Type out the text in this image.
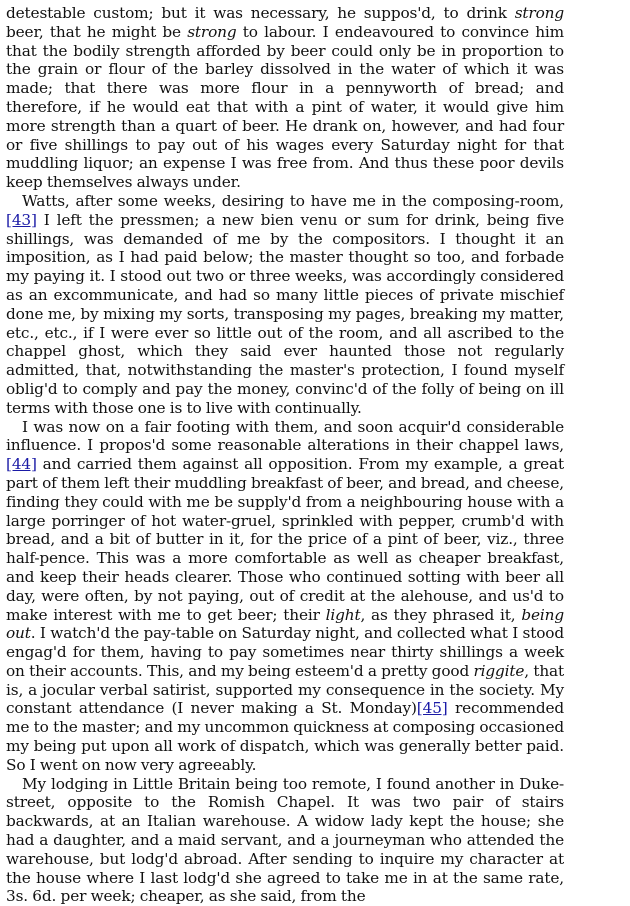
detestable custom; but it was necessary, he suppos'd, to drink strong beer, that he might be strong to labour. I endeavoured to convince him that the bodily strength afforded by beer could only be in proportion to the grain or flour of the barley dissolved in the water of which it was made; that there was more flour in a pennyworth of bread; and therefore, if he would eat that with a pint of water, it would give him more strength than a quart of beer. He drank on, however, and had four or five shillings to pay out of his wages every Saturday night for that muddling liquor; an expense I was free from. And thus these poor devils keep themselves always under.

Watts, after some weeks, desiring to have me in the composing-room,[43] I left the pressmen; a new bien venu or sum for drink, being five shillings, was demanded of me by the compositors. I thought it an imposition, as I had paid below; the master thought so too, and forbade my paying it. I stood out two or three weeks, was accordingly considered as an excommunicate, and had so many little pieces of private mischief done me, by mixing my sorts, transposing my pages, breaking my matter, etc., etc., if I were ever so little out of the room, and all ascribed to the chappel ghost, which they said ever haunted those not regularly admitted, that, notwithstanding the master's protection, I found myself oblig'd to comply and pay the money, convinc'd of the folly of being on ill terms with those one is to live with continually.

I was now on a fair footing with them, and soon acquir'd considerable influence. I propos'd some reasonable alterations in their chappel laws,[44] and carried them against all opposition. From my example, a great part of them left their muddling breakfast of beer, and bread, and cheese, finding they could with me be supply'd from a neighbouring house with a large porringer of hot water-gruel, sprinkled with pepper, crumb'd with bread, and a bit of butter in it, for the price of a pint of beer, viz., three half-pence. This was a more comfortable as well as cheaper breakfast, and keep their heads clearer. Those who continued sotting with beer all day, were often, by not paying, out of credit at the alehouse, and us'd to make interest with me to get beer; their light, as they phrased it, being out. I watch'd the pay-table on Saturday night, and collected what I stood engag'd for them, having to pay sometimes near thirty shillings a week on their accounts. This, and my being esteem'd a pretty good riggite, that is, a jocular verbal satirist, supported my consequence in the society. My constant attendance (I never making a St. Monday)[45] recommended me to the master; and my uncommon quickness at composing occasioned my being put upon all work of dispatch, which was generally better paid. So I went on now very agreeably.

My lodging in Little Britain being too remote, I found another in Duke-street, opposite to the Romish Chapel. It was two pair of stairs backwards, at an Italian warehouse. A widow lady kept the house; she had a daughter, and a maid servant, and a journeyman who attended the warehouse, but lodg'd abroad. After sending to inquire my character at the house where I last lodg'd she agreed to take me in at the same rate, 3s. 6d. per week; cheaper, as she said, from the
